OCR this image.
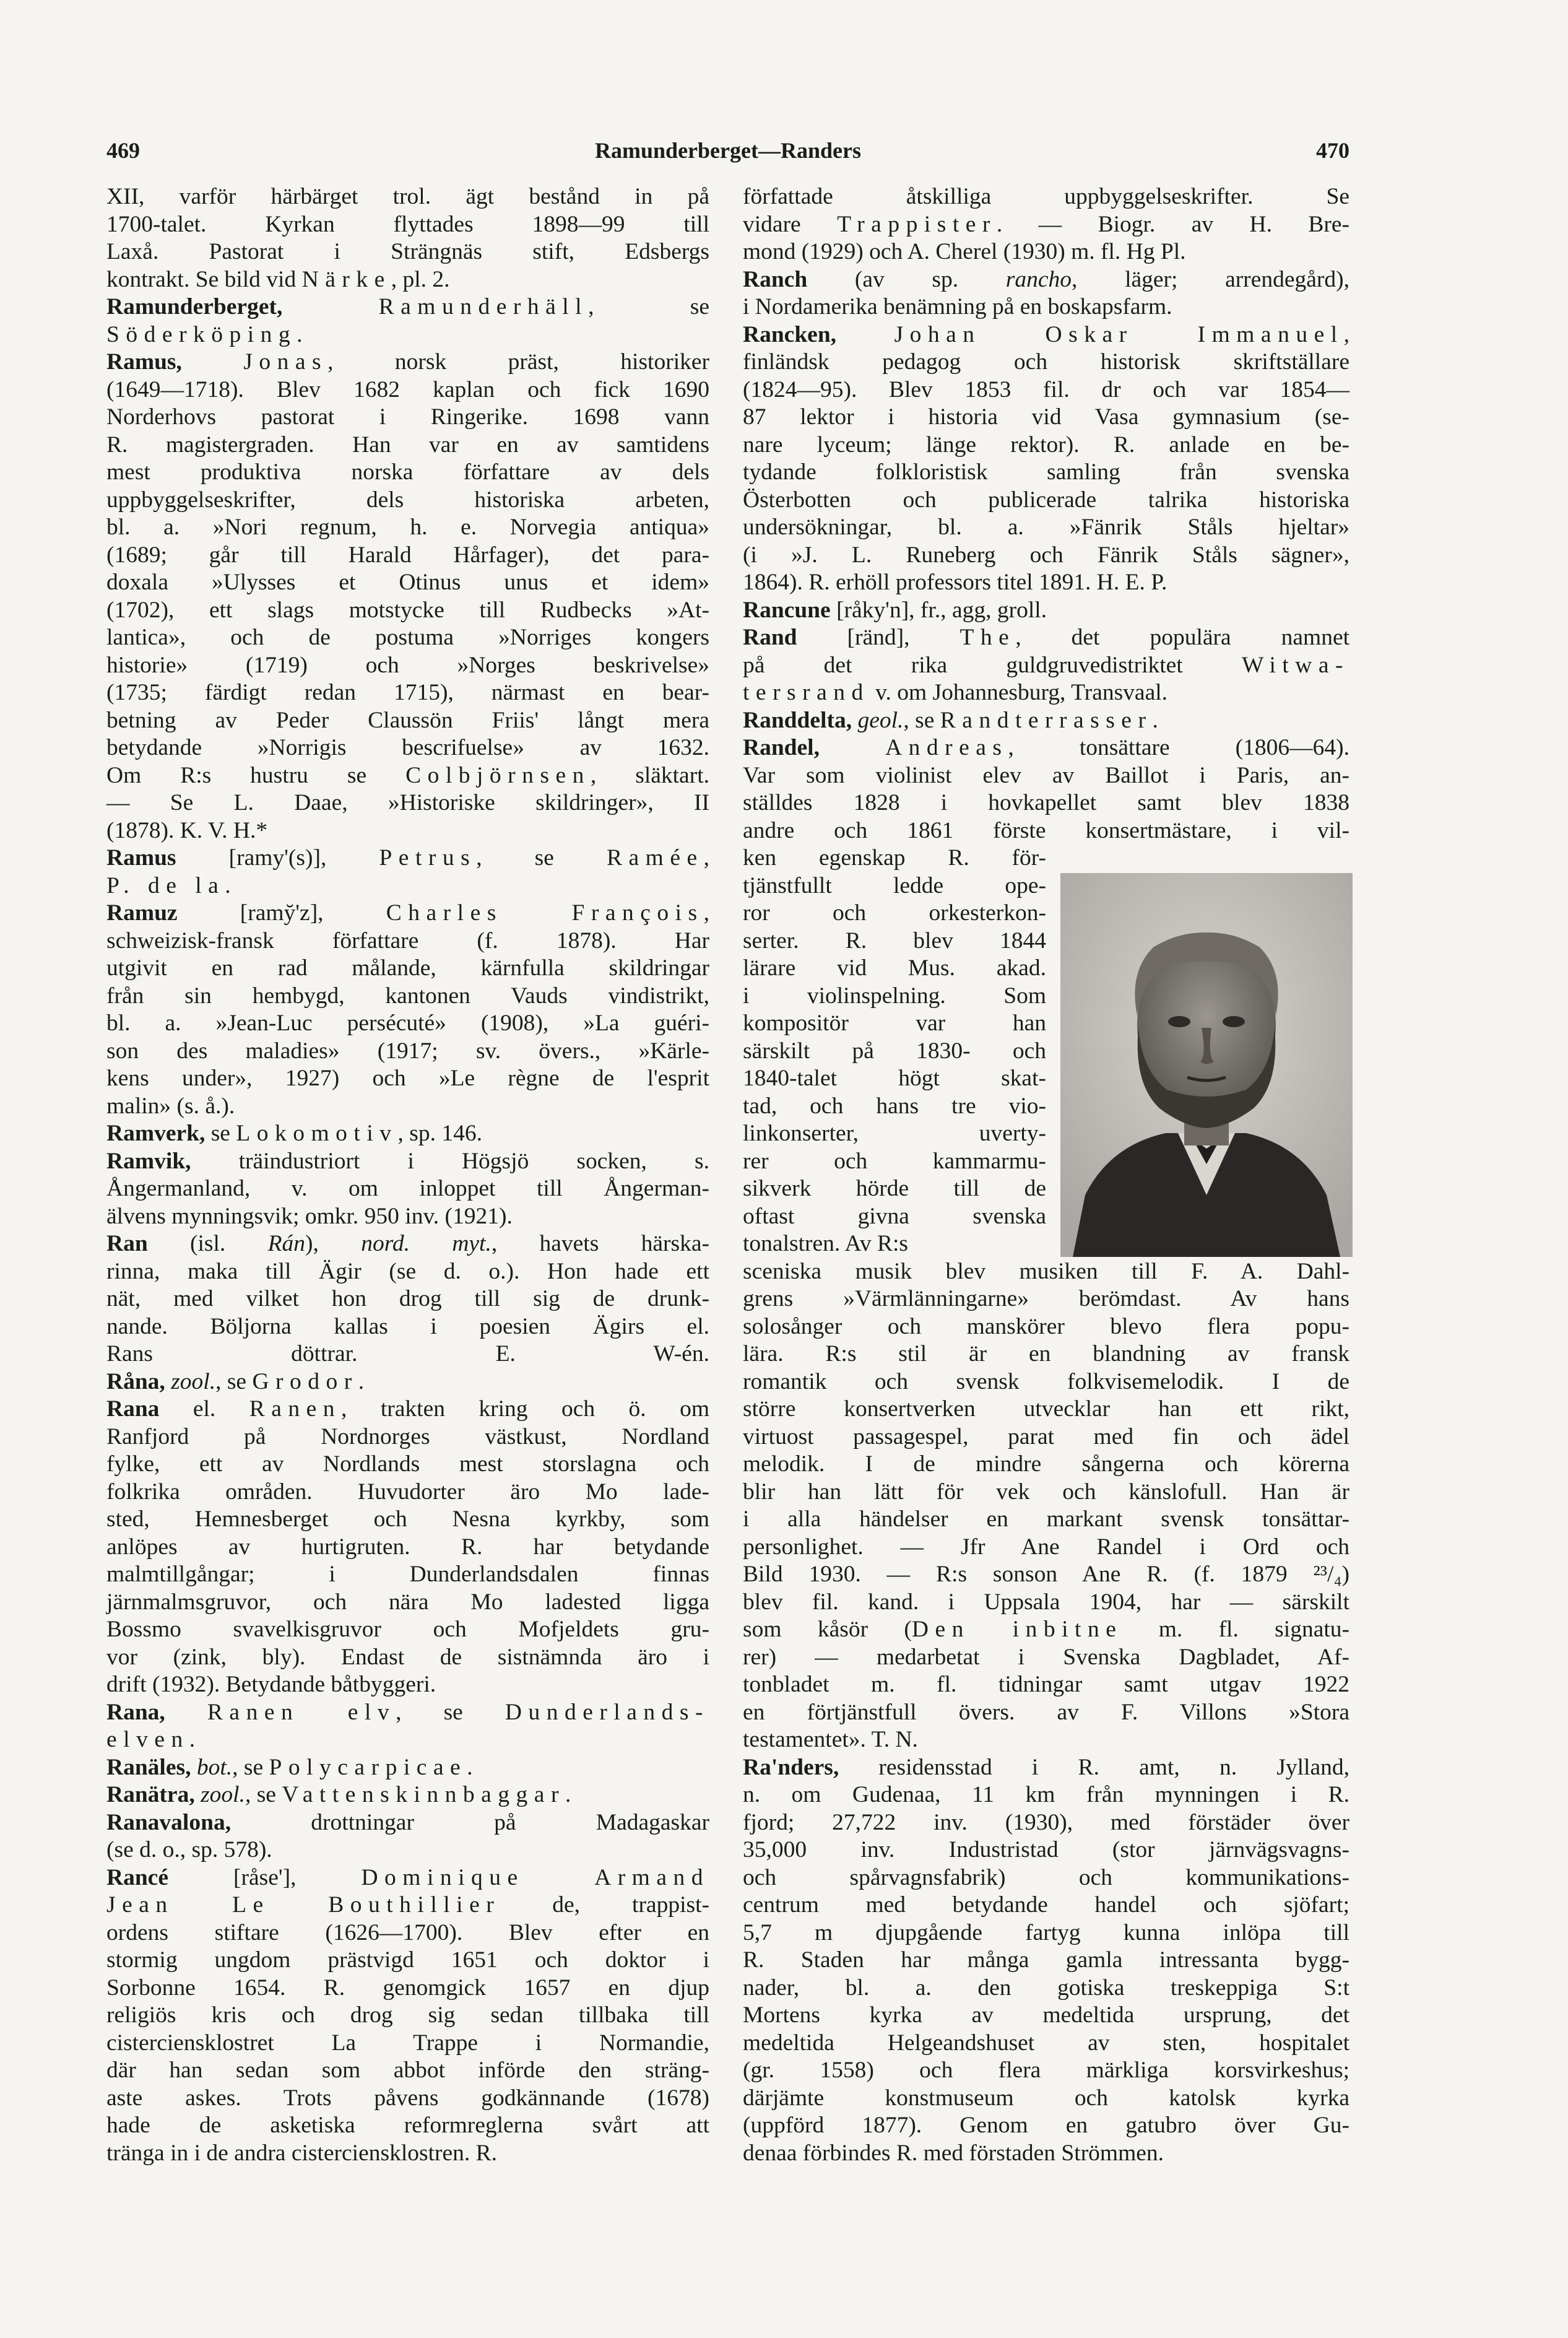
469	Ramunderberget—Randers	470
XII, varför härbärget trol. ägt bestånd in på
1700-talet. Kyrkan flyttades 1898—99 till
Laxå. Pastorat i Strängnäs stift, Edsbergs
kontrakt. Se bild vid Närke, pl. 2.
Ramunderberget,	Ramunderhäll, se
Söderköping.
Ramus,	Jonas, norsk präst, historiker
(1649—1718). Blev 1682 kaplan och fick 1690
Norderhovs pastorat i Ringerike. 1698 vann
R. magistergraden. Han var en av samtidens
mest produktiva norska författare av dels
uppbyggelseskrifter, dels historiska arbeten,
bl. a. »Nori regnum, h. e. Norvegia antiqua»
(1689; går till Harald Hårfager), det para-
doxala »Ulysses et Otinus unus et idem»
(1702), ett slags motstycke till Rudbecks »At-
lantica», och de postuma »Norriges kongers
historie» (1719) och »Norges beskrivelse»
(1735; färdigt redan 1715), närmast en bear-
betning av Peder Claussön Friis' långt mera
betydande »Norrigis bescrifuelse» av 1632.
Om R:s hustru se Colbjörnsen, släktart.
— Se L. Daae, »Historiske skildringer», II
(1878). K. V. H.*
Ramus [ramy'(s)], Petrus, se Ramée,
P. de la.
Ramuz [ramy̆'z], Charles François,
schweizisk-fransk författare (f. 1878). Har
utgivit en rad målande, kärnfulla skildringar
från sin hembygd, kantonen Vauds vindistrikt,
bl. a. »Jean-Luc persécuté» (1908), »La guéri-
son des maladies» (1917; sv. övers., »Kärle-
kens under», 1927) och »Le règne de l'esprit
malin» (s. å.).
Ramverk, se Lokomotiv, sp. 146.
Ramvik, träindustriort i Högsjö socken, s.
Ångermanland, v. om inloppet till Ångerman-
älvens mynningsvik; omkr. 950 inv. (1921).
Ran (isl. Rán), nord. myt., havets härska-
rinna, maka till Ägir (se d. o.). Hon hade ett
nät, med vilket hon drog till sig de drunk-
nande. Böljorna kallas i poesien Ägirs el.
Rans döttrar. E. W-én.
Råna, zool., se Grodor.
Rana el. Ranen, trakten kring och ö. om
Ranfjord på Nordnorges västkust, Nordland
fylke, ett av Nordlands mest storslagna och
folkrika områden. Huvudorter äro Mo lade-
sted, Hemnesberget och Nesna kyrkby, som
anlöpes av hurtigruten. R. har betydande
malmtillgångar; i Dunderlandsdalen finnas
järnmalmsgruvor, och nära Mo ladested ligga
Bossmo svavelkisgruvor och Mofjeldets gru-
vor (zink, bly). Endast de sistnämnda äro i
drift (1932). Betydande båtbyggeri.
Rana, Ranen elv, se Dunderlands-
elven.
Ranäles, bot., se Polycarpicae.
Ranätra, zool., se Vattenskinnbaggar.
Ranavalona, drottningar på Madagaskar
(se d. o., sp. 578).
Rancé [råse'], Dominique Armand
Jean Le Bouthillier de, trappist-
ordens stiftare (1626—1700). Blev efter en
stormig ungdom prästvigd 1651 och doktor i
Sorbonne 1654. R. genomgick 1657 en djup
religiös kris och drog sig sedan tillbaka till
cisterciensklostret La Trappe i Normandie,
där han sedan som abbot införde den sträng-
aste askes. Trots påvens godkännande (1678)
hade de asketiska reformreglerna svårt att
tränga in i de andra cisterciensklostren. R.
författade åtskilliga uppbyggelseskrifter. Se
vidare Trappister. — Biogr. av H. Bre-
mond (1929) och A. Cherel (1930) m. fl. Hg Pl.
Ranch (av sp. rancho, läger; arrendegård),
i Nordamerika benämning på en boskapsfarm.
Rancken, Johan Oskar Immanuel,
finländsk pedagog och historisk skriftställare
(1824—95). Blev 1853 fil. dr och var 1854—
87 lektor i historia vid Vasa gymnasium (se-
nare lyceum; länge rektor). R. anlade en be-
tydande folkloristisk samling från svenska
Österbotten och publicerade talrika historiska
undersökningar, bl. a. »Fänrik Ståls hjeltar»
(i »J. L. Runeberg och Fänrik Ståls sägner»,
1864). R. erhöll professors titel 1891. H. E. P.
Rancune [råky'n], fr., agg, groll.
Rand [ränd], The, det populära namnet
på det rika guldgruvedistriktet Witwa-
tersrand v. om Johannesburg, Transvaal.
Randdelta, geol., se Randterrasser.
Randel,	Andreas, tonsättare (1806—64).
Var som violinist elev av Baillot i Paris, an-
ställdes 1828 i hovkapellet samt blev 1838
andre och 1861 förste konsertmästare, i vil-
ken egenskap R. för-
tjänstfullt ledde ope-
ror och orkesterkon-
serter. R. blev 1844
lärare vid Mus. akad.
i violinspelning. Som
kompositör var han
särskilt på 1830- och
1840-talet högt skat-
tad, och hans tre vio-
linkonserter, uverty-
rer och kammarmu-
sikverk hörde till de
oftast givna svenska
tonalstren. Av R:s
sceniska musik blev musiken till F. A. Dahl-
grens »Värmlänningarne» berömdast. Av hans
solosånger och manskörer blevo flera popu-
lära. R:s stil är en blandning av fransk
romantik och svensk folkvisemelodik. I de
större konsertverken utvecklar han ett rikt,
virtuost passagespel, parat med fin och ädel
melodik. I de mindre sångerna och körerna
blir han lätt för vek och känslofull. Han är
i alla händelser en markant svensk tonsättar-
personlighet. — Jfr Ane Randel i Ord och
Bild 1930. — R:s sonson Ane R. (f. 1879 ²³/₄)
blev fil. kand. i Uppsala 1904, har — särskilt
som kåsör (Den inbitne m. fl. signatu-
rer) — medarbetat i Svenska Dagbladet, Af-
tonbladet m. fl. tidningar samt utgav 1922
en förtjänstfull övers. av F. Villons »Stora
testamentet». T. N.
Ra'nders, residensstad i R. amt, n. Jylland,
n. om Gudenaa, 11 km från mynningen i R.
fjord; 27,722 inv. (1930), med förstäder över
35,000 inv. Industristad (stor järnvägsvagns-
och spårvagnsfabrik) och kommunikations-
centrum med betydande handel och sjöfart;
5,7 m djupgående fartyg kunna inlöpa till
R. Staden har många gamla intressanta bygg-
nader, bl. a. den gotiska treskeppiga S:t
Mortens kyrka av medeltida ursprung, det
medeltida Helgeandshuset av sten, hospitalet
(gr. 1558) och flera märkliga korsvirkeshus;
därjämte konstmuseum och katolsk kyrka
(uppförd 1877). Genom en gatubro över Gu-
denaa förbindes R. med förstaden Strömmen.
